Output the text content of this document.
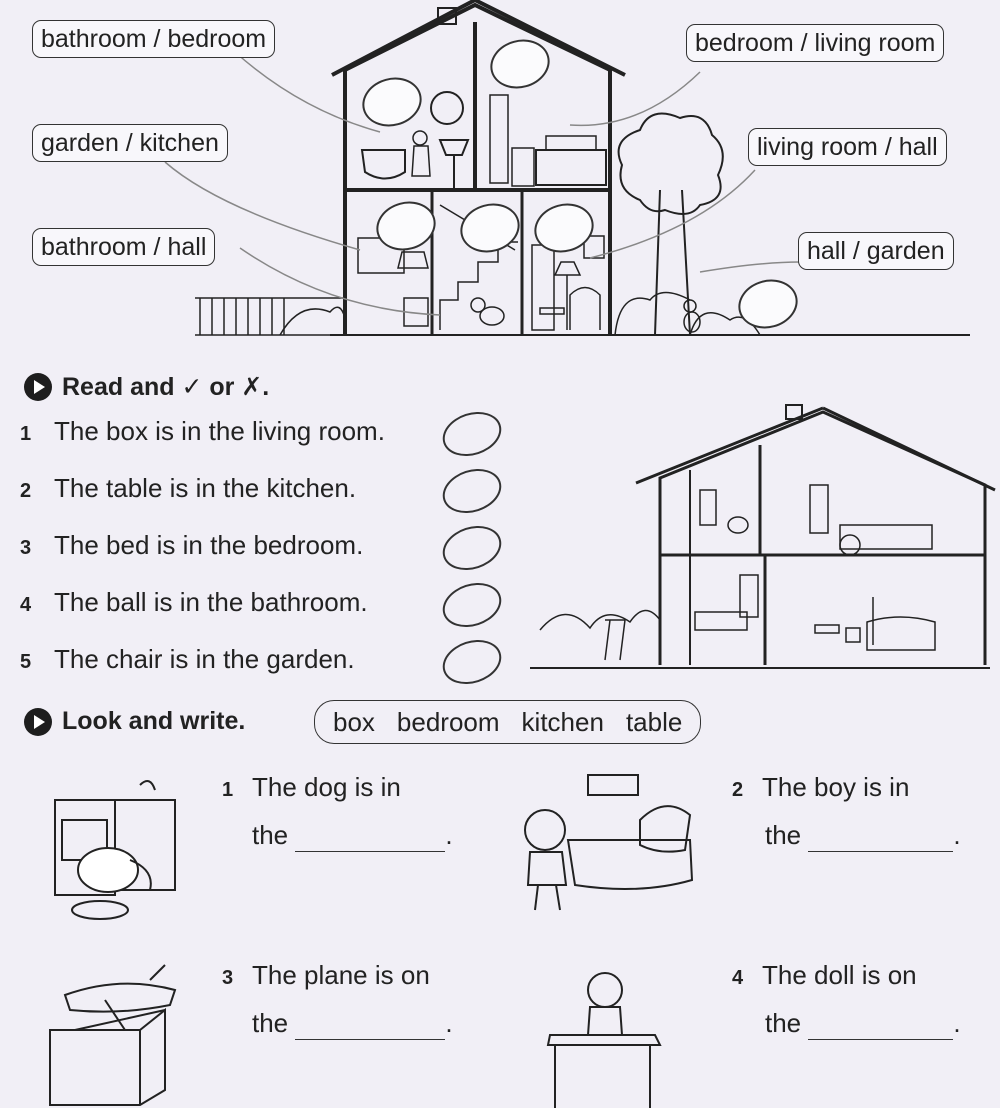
bathroom / bedroom	bedroom / living room
garden / kitchen	living room / hall
bathroom / hall	hall / garden
Read and ✓ or ✗.
1 The box is in the living room.
2 The table is in the kitchen.
3 The bed is in the bedroom.
4 The ball is in the bathroom.
5 The chair is in the garden.
Look and write.	box bedroom kitchen table
1 The dog is in
the	.
2 The boy is in
the	.
3 The plane is on
the	.
4 The doll is on
the	.
